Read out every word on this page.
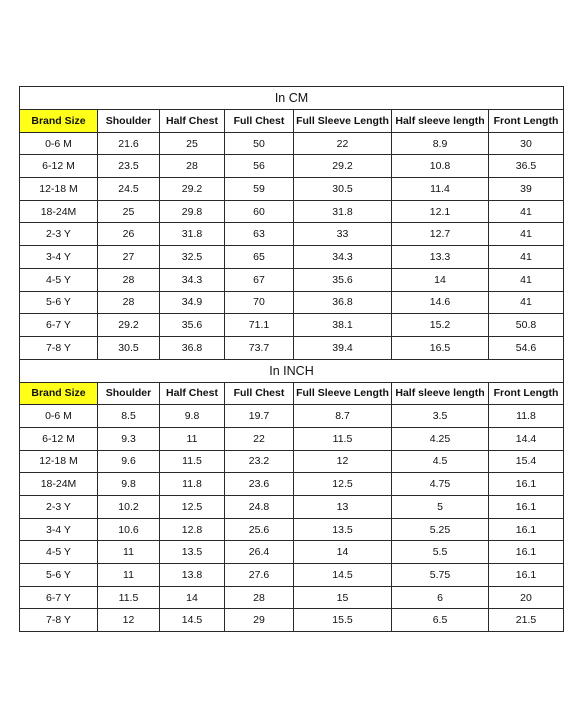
In CM						
Brand Size	Shoulder	Half Chest	Full Chest	Full Sleeve Length	Half sleeve length	Front Length
0-6 M	21.6	25	50	22	8.9	30
6-12 M	23.5	28	56	29.2	10.8	36.5
12-18 M	24.5	29.2	59	30.5	11.4	39
18-24M	25	29.8	60	31.8	12.1	41
2-3 Y	26	31.8	63	33	12.7	41
3-4 Y	27	32.5	65	34.3	13.3	41
4-5 Y	28	34.3	67	35.6	14	41
5-6 Y	28	34.9	70	36.8	14.6	41
6-7 Y	29.2	35.6	71.1	38.1	15.2	50.8
7-8 Y	30.5	36.8	73.7	39.4	16.5	54.6
In INCH						
Brand Size	Shoulder	Half Chest	Full Chest	Full Sleeve Length	Half sleeve length	Front Length
0-6 M	8.5	9.8	19.7	8.7	3.5	11.8
6-12 M	9.3	11	22	11.5	4.25	14.4
12-18 M	9.6	11.5	23.2	12	4.5	15.4
18-24M	9.8	11.8	23.6	12.5	4.75	16.1
2-3 Y	10.2	12.5	24.8	13	5	16.1
3-4 Y	10.6	12.8	25.6	13.5	5.25	16.1
4-5 Y	11	13.5	26.4	14	5.5	16.1
5-6 Y	11	13.8	27.6	14.5	5.75	16.1
6-7 Y	11.5	14	28	15	6	20
7-8 Y	12	14.5	29	15.5	6.5	21.5
